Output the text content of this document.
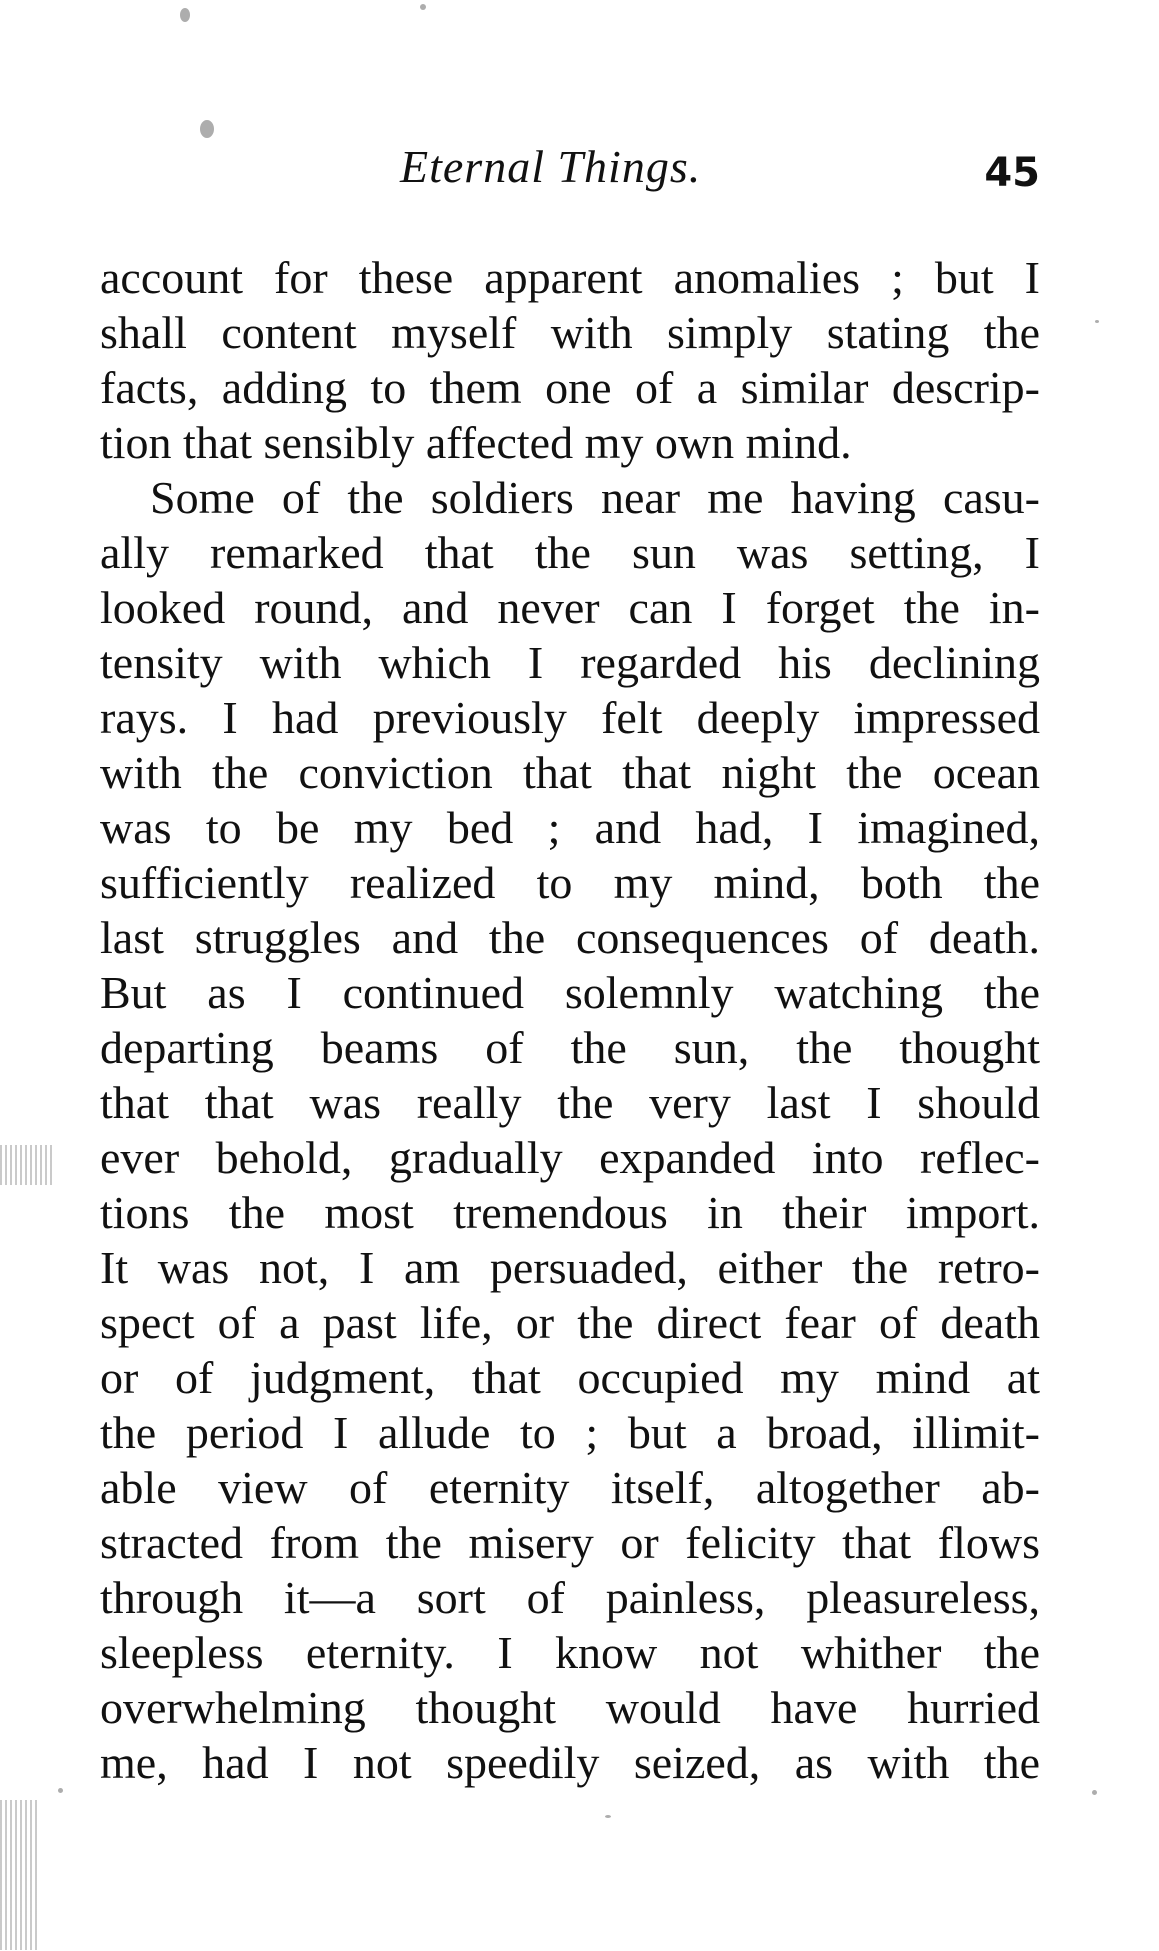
Eternal Things.	45
account for these apparent anomalies ; but I
shall content myself with simply stating the
facts, adding to them one of a similar descrip-
tion that sensibly affected my own mind.
Some of the soldiers near me having casu-
ally remarked that the sun was setting, I
looked round, and never can I forget the in-
tensity with which I regarded his declining
rays. I had previously felt deeply impressed
with the conviction that that night the ocean
was to be my bed ; and had, I imagined,
sufficiently realized to my mind, both the
last struggles and the consequences of death.
But as I continued solemnly watching the
departing beams of the sun, the thought
that that was really the very last I should
ever behold, gradually expanded into reflec-
tions the most tremendous in their import.
It was not, I am persuaded, either the retro-
spect of a past life, or the direct fear of death
or of judgment, that occupied my mind at
the period I allude to ; but a broad, illimit-
able view of eternity itself, altogether ab-
stracted from the misery or felicity that flows
through it—a sort of painless, pleasureless,
sleepless eternity. I know not whither the
overwhelming thought would have hurried
me, had I not speedily seized, as with the
